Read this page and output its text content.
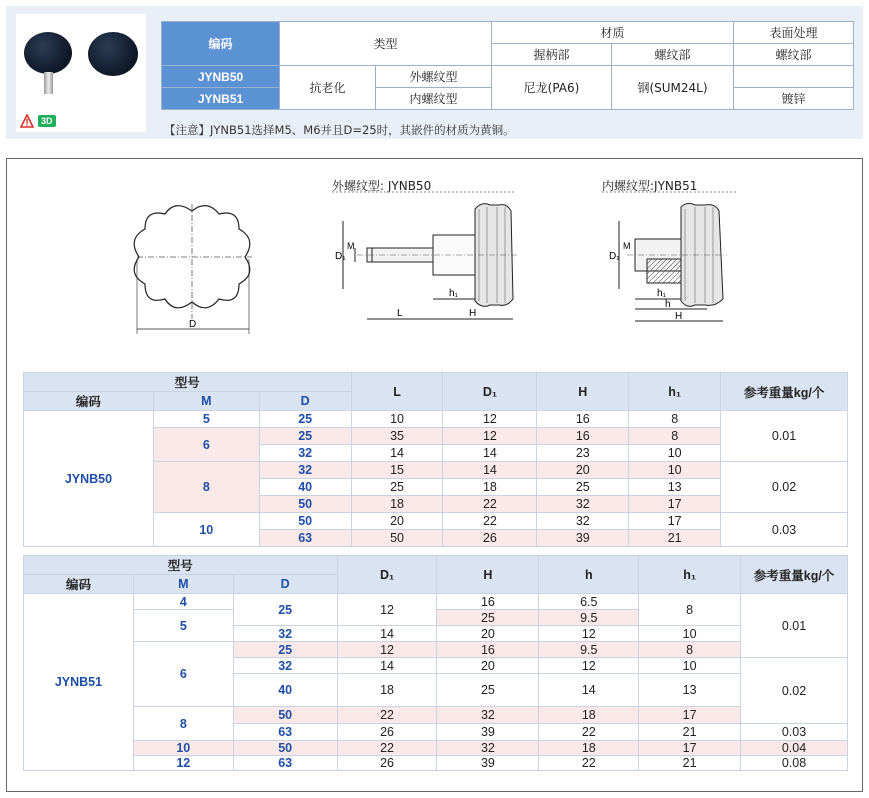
3D
编码	类型		材质		表面处理
			握柄部	螺纹部	螺纹部
JYNB50	抗老化	外螺纹型	尼龙(PA6)	钢(SUM24L)	
JYNB51		内螺纹型			镀锌
【注意】JYNB51选择M5、M6并且D=25时，其嵌件的材质为黄铜。
外螺纹型: JYNB50	内螺纹型:JYNB51
D
L
h₁
H
D₁
M
h₁
h
H
D₁
M
型号			L	D₁	H	h₁	参考重量kg/个
编码	M	D					
JYNB50	5	25	10	12	16	8	0.01
	6	25	35	12	16	8	
		32	14	14	23	10	
	8	32	15	14	20	10	0.02
		40	25	18	25	13	
		50	18	22	32	17	
	10	50	20	22	32	17	0.03
		63	50	26	39	21	
型号			D₁	H	h	h₁	参考重量kg/个
编码	M	D					
JYNB51	4	25	12	16	6.5	8	0.01
	5			25	9.5		
		32	14	20	12	10	
	6	25	12	16	9.5	8	
		32	14	20	12	10	0.02
		40	18	25	14	13	
	8	50	22	32	18	17	
		63	26	39	22	21	0.03
	10	50	22	32	18	17	0.04
	12	63	26	39	22	21	0.08
